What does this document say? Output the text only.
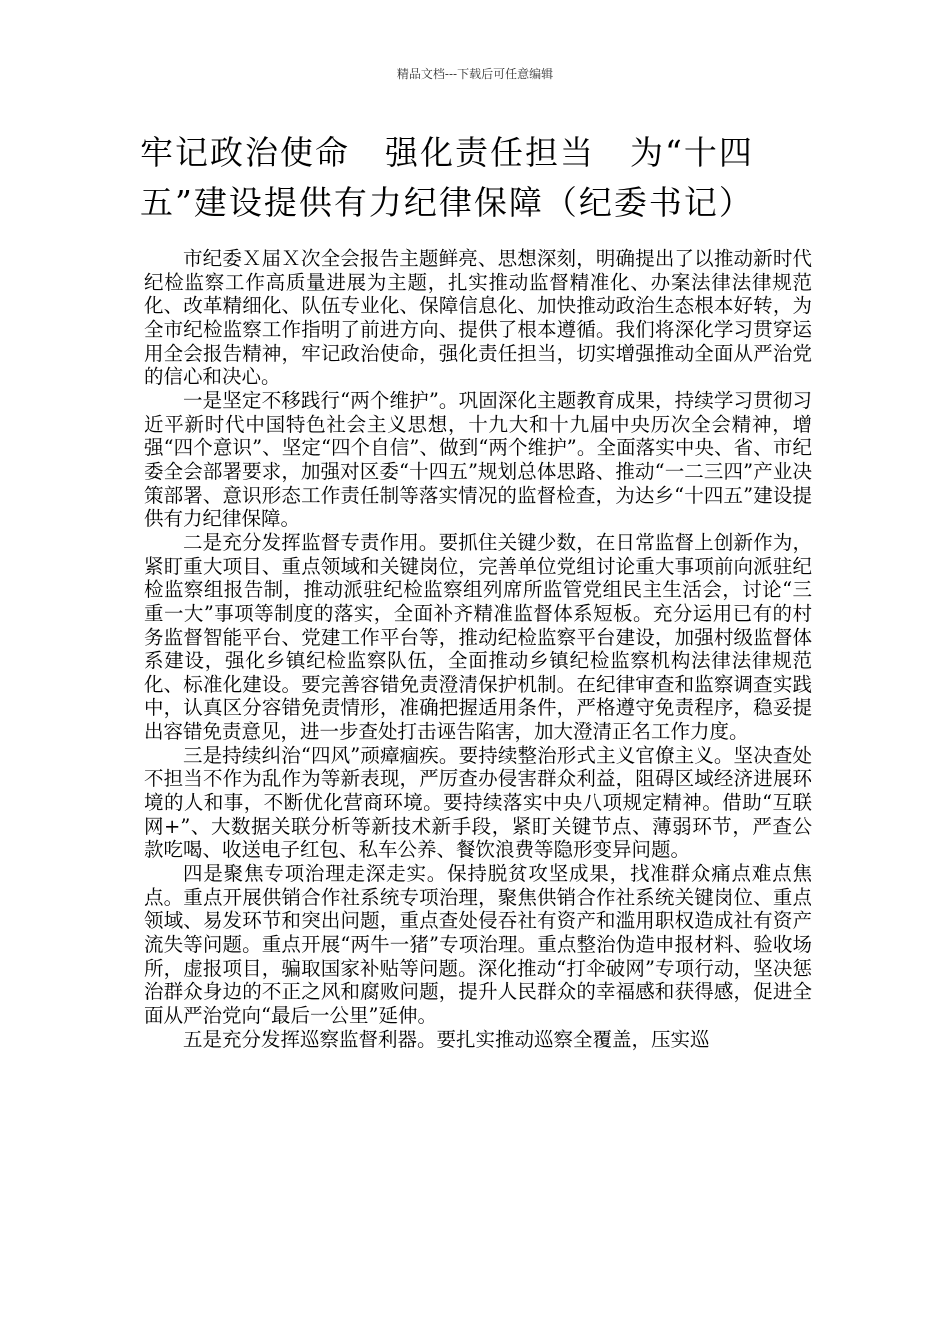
精品文档---下载后可任意编辑
牢记政治使命　强化责任担当　为“十四
五”建设提供有力纪律保障（纪委书记）

市纪委Ｘ届Ｘ次全会报告主题鲜亮、思想深刻，明确提出了以推动新时代纪检监察工作高质量进展为主题，扎实推动监督精准化、办案法律法律规范化、改革精细化、队伍专业化、保障信息化、加快推动政治生态根本好转，为全市纪检监察工作指明了前进方向、提供了根本遵循。我们将深化学习贯穿运用全会报告精神，牢记政治使命，强化责任担当，切实增强推动全面从严治党的信心和决心。

一是坚定不移践行“两个维护”。巩固深化主题教育成果，持续学习贯彻习近平新时代中国特色社会主义思想，十九大和十九届中央历次全会精神，增强“四个意识”、坚定“四个自信”、做到“两个维护”。全面落实中央、省、市纪委全会部署要求，加强对区委“十四五”规划总体思路、推动“一二三四”产业决策部署、意识形态工作责任制等落实情况的监督检查，为达乡“十四五”建设提供有力纪律保障。

二是充分发挥监督专责作用。要抓住关键少数，在日常监督上创新作为，紧盯重大项目、重点领域和关键岗位，完善单位党组讨论重大事项前向派驻纪检监察组报告制，推动派驻纪检监察组列席所监管党组民主生活会，讨论“三重一大”事项等制度的落实，全面补齐精准监督体系短板。充分运用已有的村务监督智能平台、党建工作平台等，推动纪检监察平台建设，加强村级监督体系建设，强化乡镇纪检监察队伍，全面推动乡镇纪检监察机构法律法律规范化、标准化建设。要完善容错免责澄清保护机制。在纪律审查和监察调查实践中，认真区分容错免责情形，准确把握适用条件，严格遵守免责程序，稳妥提出容错免责意见，进一步查处打击诬告陷害，加大澄清正名工作力度。

三是持续纠治“四风”顽瘴痼疾。要持续整治形式主义官僚主义。坚决查处不担当不作为乱作为等新表现，严厉查办侵害群众利益，阻碍区域经济进展环境的人和事，不断优化营商环境。要持续落实中央八项规定精神。借助“互联网+”、大数据关联分析等新技术新手段，紧盯关键节点、薄弱环节，严查公款吃喝、收送电子红包、私车公养、餐饮浪费等隐形变异问题。

四是聚焦专项治理走深走实。保持脱贫攻坚成果，找准群众痛点难点焦点。重点开展供销合作社系统专项治理，聚焦供销合作社系统关键岗位、重点领域、易发环节和突出问题，重点查处侵吞社有资产和滥用职权造成社有资产流失等问题。重点开展“两牛一猪”专项治理。重点整治伪造申报材料、验收场所，虚报项目，骗取国家补贴等问题。深化推动“打伞破网”专项行动，坚决惩治群众身边的不正之风和腐败问题，提升人民群众的幸福感和获得感，促进全面从严治党向“最后一公里”延伸。

五是充分发挥巡察监督利器。要扎实推动巡察全覆盖，压实巡
